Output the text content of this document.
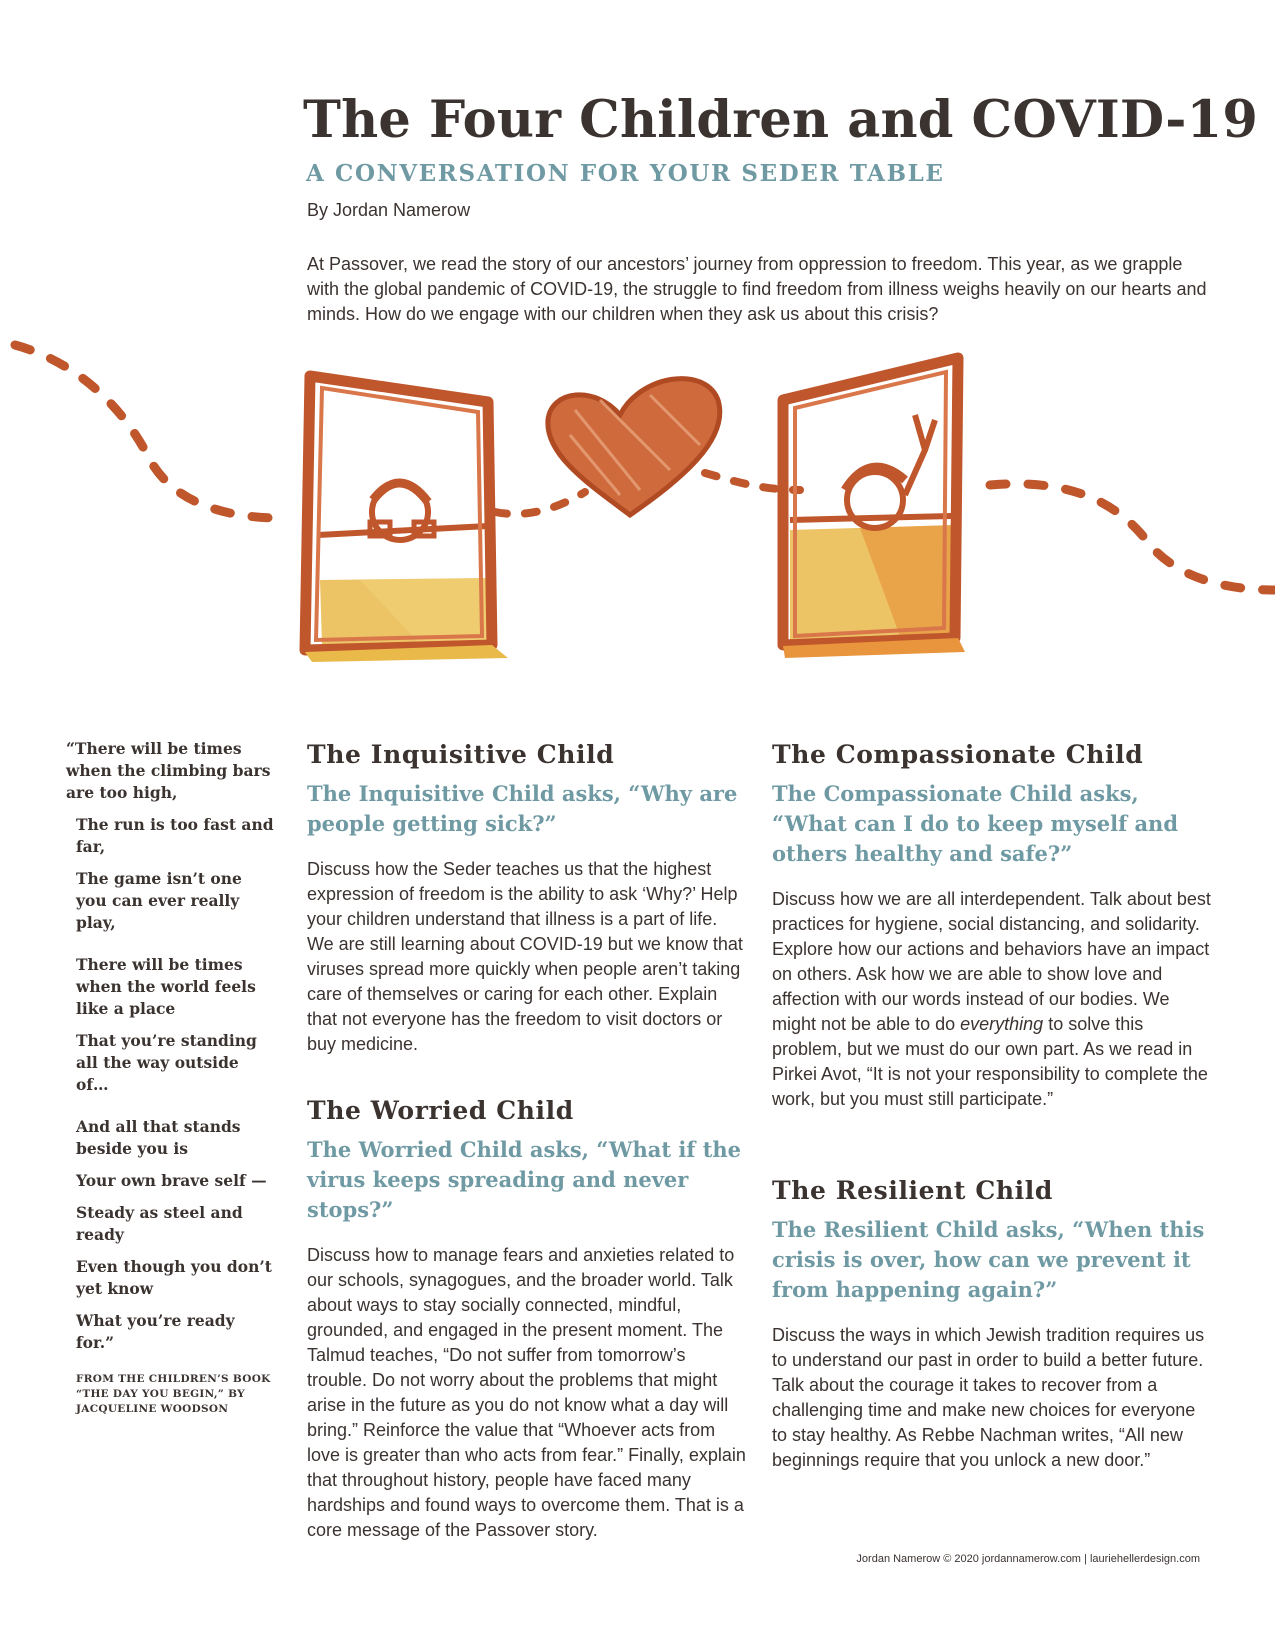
The Four Children and COVID-19
A CONVERSATION FOR YOUR SEDER TABLE
By Jordan Namerow

At Passover, we read the story of our ancestors’ journey from oppression to freedom. This year, as we grapple with the global pandemic of COVID-19, the struggle to find freedom from illness weighs heavily on our hearts and minds. How do we engage with our children when they ask us about this crisis?

“There will be times when the climbing bars are too high,

The run is too fast and far,

The game isn’t one you can ever really play,

There will be times when the world feels like a place

That you’re standing all the way outside of…

And all that stands beside you is

Your own brave self —

Steady as steel and ready

Even though you don’t yet know

What you’re ready for.”

FROM THE CHILDREN’S BOOK “THE DAY YOU BEGIN,” BY JACQUELINE WOODSON

The Inquisitive Child
The Inquisitive Child asks, “Why are people getting sick?”

Discuss how the Seder teaches us that the highest expression of freedom is the ability to ask ‘Why?’ Help your children understand that illness is a part of life. We are still learning about COVID-19 but we know that viruses spread more quickly when people aren’t taking care of themselves or caring for each other. Explain that not everyone has the freedom to visit doctors or buy medicine.

The Worried Child
The Worried Child asks, “What if the virus keeps spreading and never stops?”

Discuss how to manage fears and anxieties related to our schools, synagogues, and the broader world. Talk about ways to stay socially connected, mindful, grounded, and engaged in the present moment. The Talmud teaches, “Do not suffer from tomorrow’s trouble. Do not worry about the problems that might arise in the future as you do not know what a day will bring.” Reinforce the value that “Whoever acts from love is greater than who acts from fear.” Finally, explain that throughout history, people have faced many hardships and found ways to overcome them. That is a core message of the Passover story.

The Compassionate Child
The Compassionate Child asks, “What can I do to keep myself and others healthy and safe?”

Discuss how we are all interdependent. Talk about best practices for hygiene, social distancing, and solidarity. Explore how our actions and behaviors have an impact on others. Ask how we are able to show love and affection with our words instead of our bodies. We might not be able to do everything to solve this problem, but we must do our own part. As we read in Pirkei Avot, “It is not your responsibility to complete the work, but you must still participate.”

The Resilient Child
The Resilient Child asks, “When this crisis is over, how can we prevent it from happening again?”

Discuss the ways in which Jewish tradition requires us to understand our past in order to build a better future. Talk about the courage it takes to recover from a challenging time and make new choices for everyone to stay healthy. As Rebbe Nachman writes, “All new beginnings require that you unlock a new door.”

Jordan Namerow © 2020 jordannamerow.com | lauriehellerdesign.com
